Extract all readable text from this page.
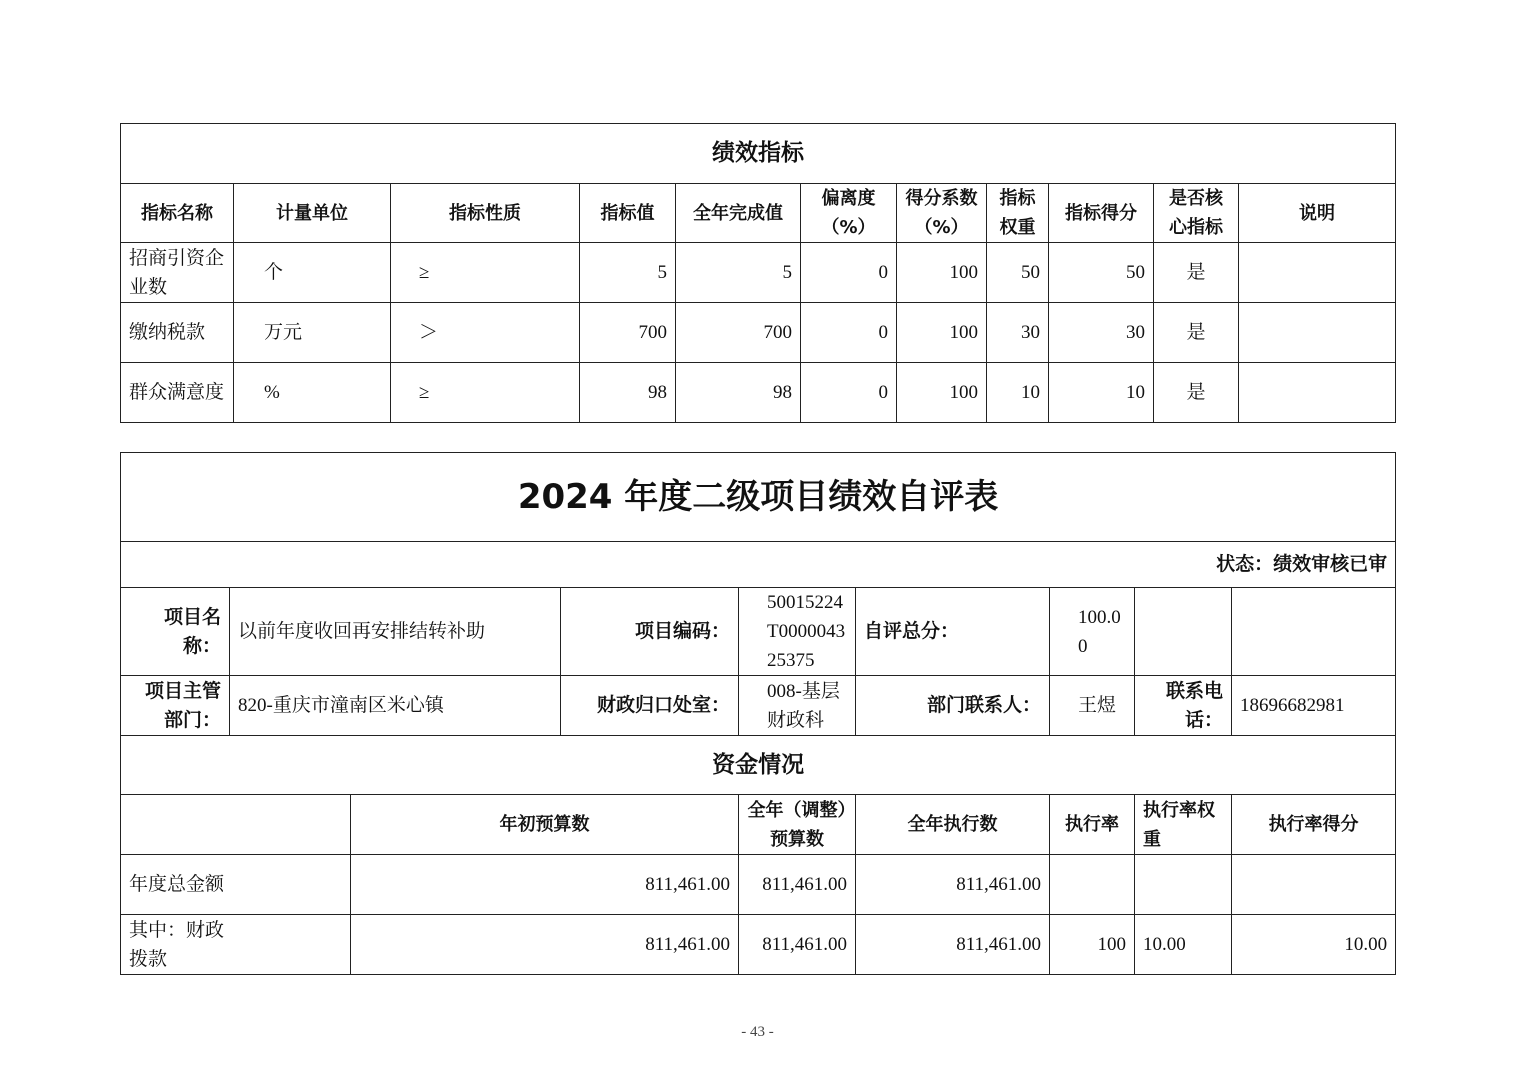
绩效指标										
指标名称	计量单位	指标性质	指标值	全年完成值	偏离度（%）	得分系数（%）	指标权重	指标得分	是否核心指标	说明
招商引资企业数	个	≥	5	5	0	100	50	50	是	
缴纳税款	万元	＞	700	700	0	100	30	30	是	
群众满意度	%	≥	98	98	0	100	10	10	是	
2024 年度二级项目绩效自评表								
状态：绩效审核已审								
项目名称：	以前年度收回再安排结转补助		项目编码：	50015224T000004325375	自评总分：	100.00		
项目主管部门：	820-重庆市潼南区米心镇		财政归口处室：	008-基层财政科	部门联系人：	王煜	联系电话：	18696682981
资金情况								
		年初预算数		全年（调整）预算数	全年执行数	执行率	执行率权重	执行率得分
年度总金额		811,461.00		811,461.00	811,461.00			
其中：财政拨款		811,461.00		811,461.00	811,461.00	100	10.00	10.00
- 43 -
